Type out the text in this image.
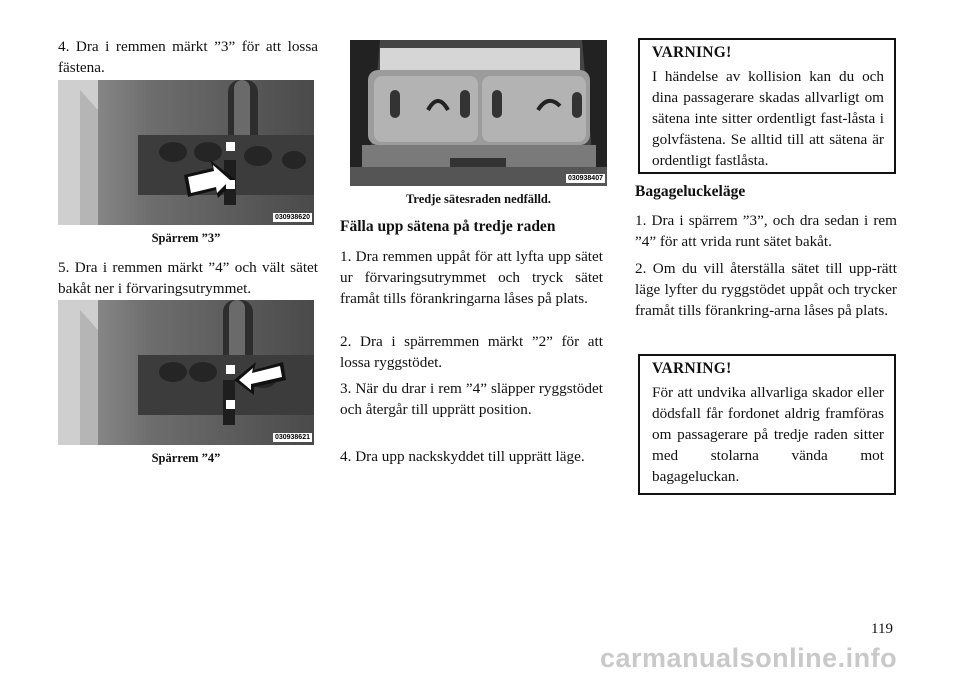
4. Dra i remmen märkt ”3” för att lossa fästena.

030938620

Spärrem ”3”

5. Dra i remmen märkt ”4” och vält sätet bakåt ner i förvaringsutrymmet.

030938621

Spärrem ”4”

030938407

Tredje sätesraden nedfälld.

Fälla upp sätena på tredje raden

1. Dra remmen uppåt för att lyfta upp sätet ur förvaringsutrymmet och tryck sätet framåt tills förankringarna låses på plats.

2. Dra i spärremmen märkt ”2” för att lossa ryggstödet.

3. När du drar i rem ”4” släpper ryggstödet och återgår till upprätt position.

4. Dra upp nackskyddet till upprätt läge.

VARNING!

I händelse av kollision kan du och dina passagerare skadas allvarligt om sätena inte sitter ordentligt fast-låsta i golvfästena. Se alltid till att sätena är ordentligt fastlåsta.

Bagageluckeläge

1. Dra i spärrem ”3”, och dra sedan i rem ”4” för att vrida runt sätet bakåt.

2. Om du vill återställa sätet till upp-rätt läge lyfter du ryggstödet uppåt och trycker framåt tills förankring-arna låses på plats.

VARNING!

För att undvika allvarliga skador eller dödsfall får fordonet aldrig framföras om passagerare på tredje raden sitter med stolarna vända mot bagageluckan.

119
carmanualsonline.info
